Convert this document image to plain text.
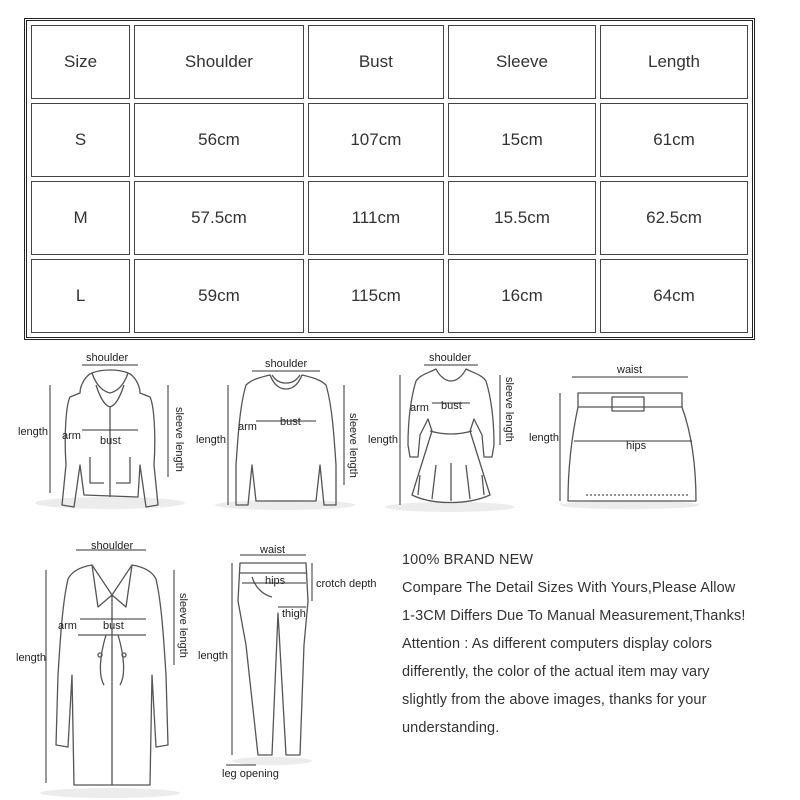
Size	Shoulder	Bust	Sleeve	Length
S	56cm	107cm	15cm	61cm
M	57.5cm	111cm	15.5cm	62.5cm
L	59cm	115cm	16cm	64cm
shoulder
length arm bust	sleeve length
shoulder
length
arm bust	sleeve length
shoulder
length
arm bust	sleeve length
waist
length
hips
shoulder
length
arm bust	sleeve length
waist
hips	crotch depth
thigh
length
leg opening
100% BRAND NEW
Compare The Detail Sizes With Yours,Please Allow
1-3CM Differs Due To Manual Measurement,Thanks!
Attention : As different computers display colors
differently, the color of the actual item may vary
slightly from the above images, thanks for your
understanding.
